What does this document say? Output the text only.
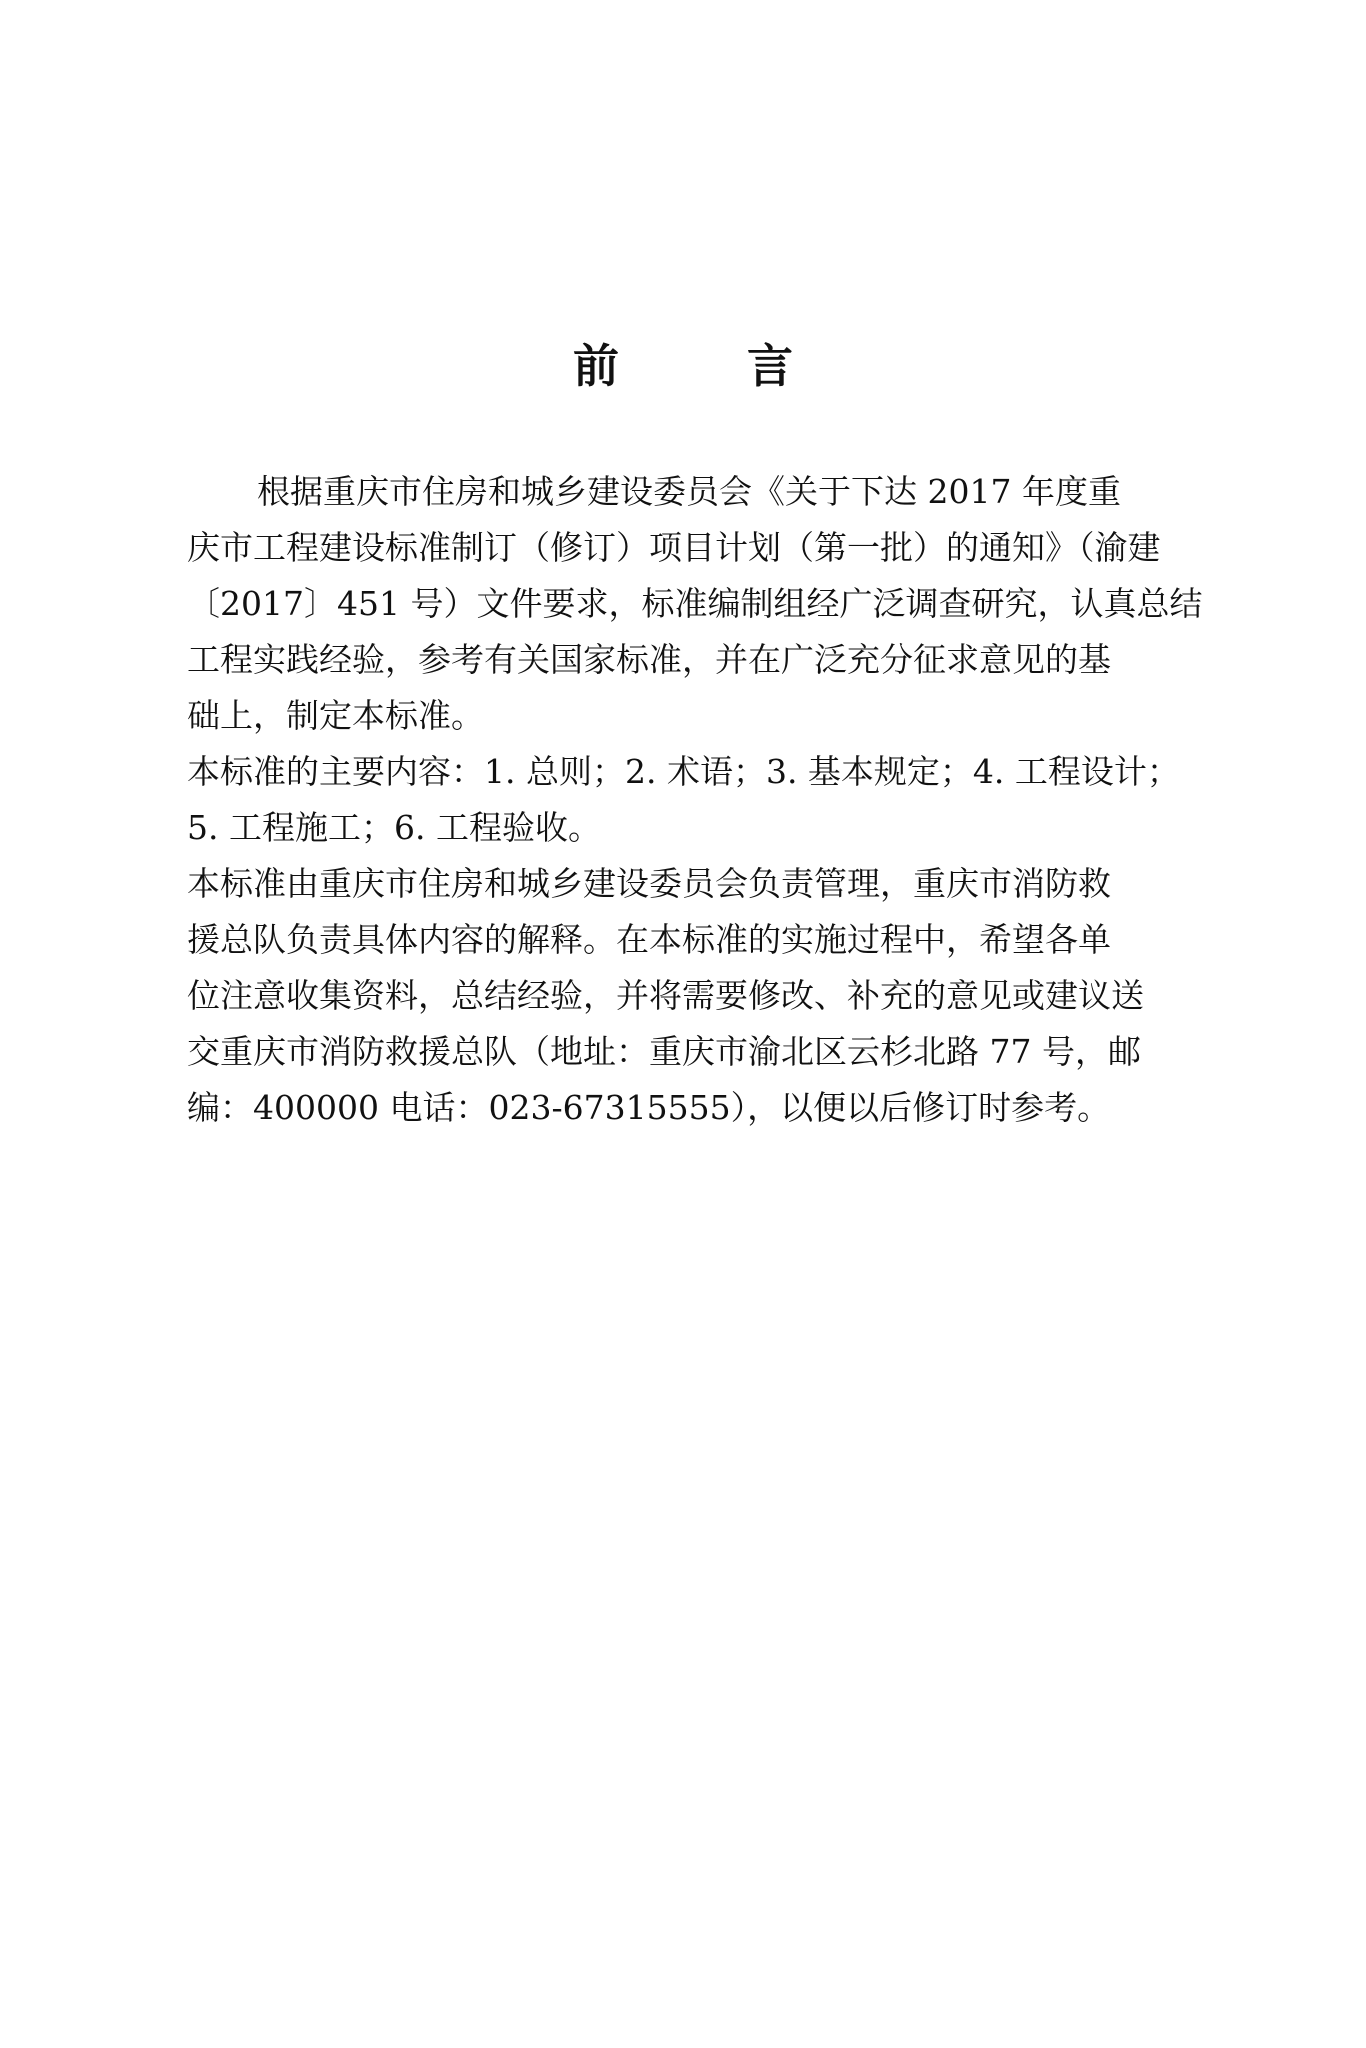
前 言
根据重庆市住房和城乡建设委员会《关于下达 2017 年度重
庆市工程建设标准制订（修订）项目计划（第一批）的通知》（渝建
〔2017〕451 号）文件要求，标准编制组经广泛调查研究，认真总结
工程实践经验，参考有关国家标准，并在广泛充分征求意见的基
础上，制定本标准。
本标准的主要内容：1. 总则；2. 术语；3. 基本规定；4. 工程设计；
5. 工程施工；6. 工程验收。
本标准由重庆市住房和城乡建设委员会负责管理，重庆市消防救
援总队负责具体内容的解释。在本标准的实施过程中，希望各单
位注意收集资料，总结经验，并将需要修改、补充的意见或建议送
交重庆市消防救援总队（地址：重庆市渝北区云杉北路 77 号，邮
编：400000 电话：023-67315555），以便以后修订时参考。
